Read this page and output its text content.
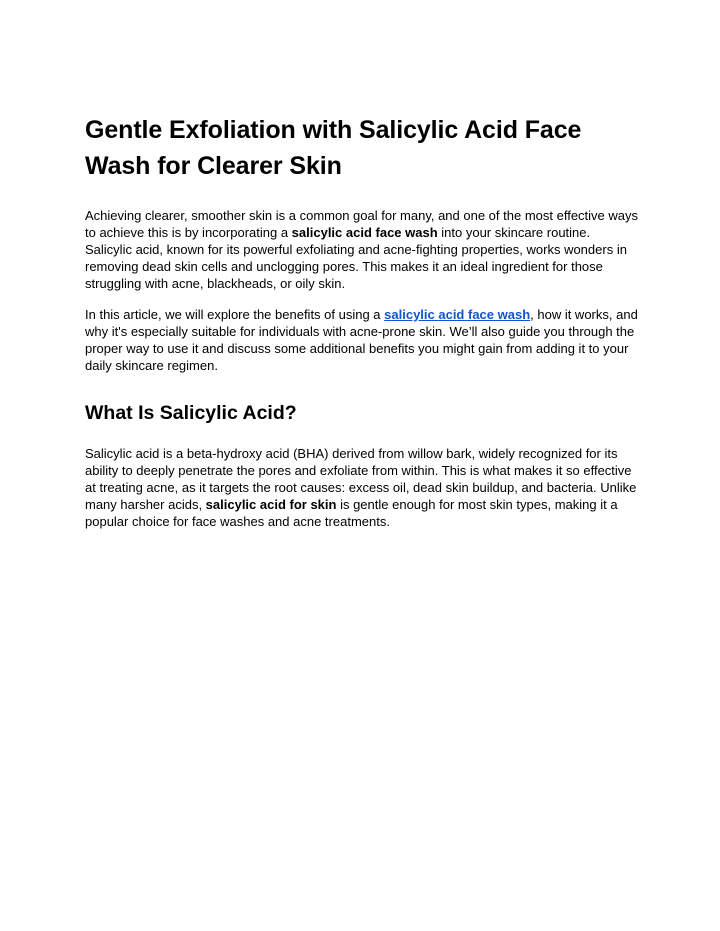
Gentle Exfoliation with Salicylic Acid Face Wash for Clearer Skin

Achieving clearer, smoother skin is a common goal for many, and one of the most effective ways to achieve this is by incorporating a salicylic acid face wash into your skincare routine. Salicylic acid, known for its powerful exfoliating and acne-fighting properties, works wonders in removing dead skin cells and unclogging pores. This makes it an ideal ingredient for those struggling with acne, blackheads, or oily skin.

In this article, we will explore the benefits of using a salicylic acid face wash, how it works, and why it's especially suitable for individuals with acne-prone skin. We’ll also guide you through the proper way to use it and discuss some additional benefits you might gain from adding it to your daily skincare regimen.

What Is Salicylic Acid?

Salicylic acid is a beta-hydroxy acid (BHA) derived from willow bark, widely recognized for its ability to deeply penetrate the pores and exfoliate from within. This is what makes it so effective at treating acne, as it targets the root causes: excess oil, dead skin buildup, and bacteria. Unlike many harsher acids, salicylic acid for skin is gentle enough for most skin types, making it a popular choice for face washes and acne treatments.
